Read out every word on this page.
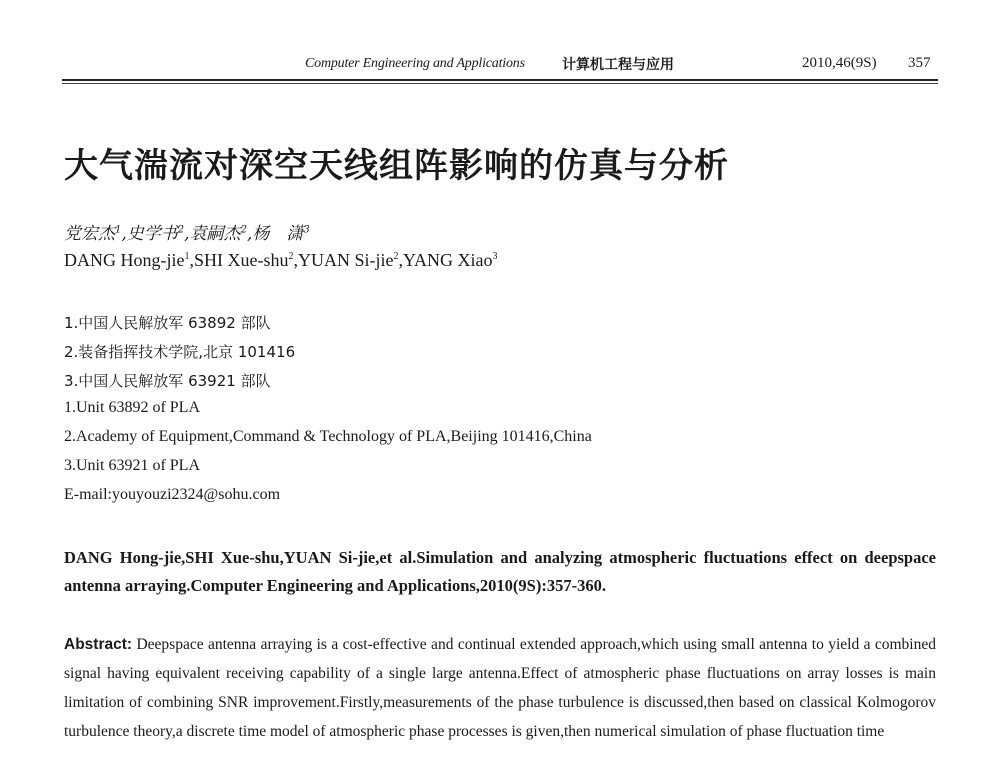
Computer Engineering and Applications	计算机工程与应用	2010,46(9S) 357
大气湍流对深空天线组阵影响的仿真与分析
党宏杰$^1$,史学书$^2$,袁嗣杰$^2$,杨　潇$^3$
DANG Hong-jie$^1$,SHI Xue-shu$^2$,YUAN Si-jie$^2$,YANG Xiao$^3$
1.中国人民解放军 63892 部队
2.装备指挥技术学院,北京 101416
3.中国人民解放军 63921 部队
1.Unit 63892 of PLA
2.Academy of Equipment,Command & Technology of PLA,Beijing 101416,China
3.Unit 63921 of PLA
E-mail:youyouzi2324@sohu.com
DANG Hong-jie,SHI Xue-shu,YUAN Si-jie,et al.Simulation and analyzing atmospheric fluctuations effect on deepspace antenna arraying.Computer Engineering and Applications,2010(9S):357-360.
Abstract: Deepspace antenna arraying is a cost-effective and continual extended approach,which using small antenna to yield a combined signal having equivalent receiving capability of a single large antenna.Effect of atmospheric phase fluctuations on array losses is main limitation of combining SNR improvement.Firstly,measurements of the phase turbulence is discussed,then based on classical Kolmogorov turbulence theory,a discrete time model of atmospheric phase processes is given,then numerical simulation of phase fluctuation time
